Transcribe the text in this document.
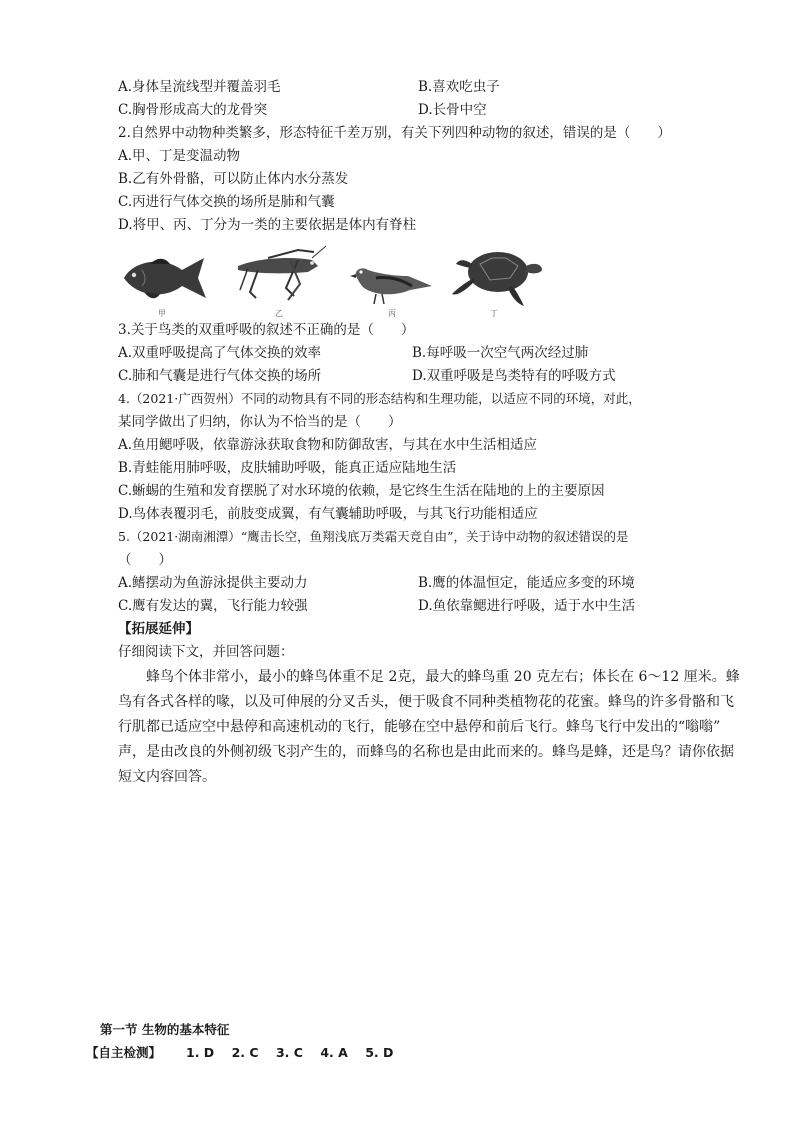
A.身体呈流线型并覆盖羽毛	B.喜欢吃虫子
C.胸骨形成高大的龙骨突	D.长骨中空
2.自然界中动物种类繁多，形态特征千差万别，有关下列四种动物的叙述，错误的是（　　）
A.甲、丁是变温动物
B.乙有外骨骼，可以防止体内水分蒸发
C.丙进行气体交换的场所是肺和气囊
D.将甲、丙、丁分为一类的主要依据是体内有脊柱
甲	乙	丙	丁
3.关于鸟类的双重呼吸的叙述不正确的是（　　）
A.双重呼吸提高了气体交换的效率	B.每呼吸一次空气两次经过肺
C.肺和气囊是进行气体交换的场所	D.双重呼吸是鸟类特有的呼吸方式
4.（2021·广西贺州）不同的动物具有不同的形态结构和生理功能，以适应不同的环境，对此，
某同学做出了归纳，你认为不恰当的是（　　）
A.鱼用鳃呼吸，依靠游泳获取食物和防御敌害，与其在水中生活相适应
B.青蛙能用肺呼吸，皮肤辅助呼吸，能真正适应陆地生活
C.蜥蜴的生殖和发育摆脱了对水环境的依赖，是它终生生活在陆地的上的主要原因
D.鸟体表覆羽毛，前肢变成翼，有气囊辅助呼吸，与其飞行功能相适应
5.（2021·湖南湘潭）“鹰击长空，鱼翔浅底万类霜天竞自由”，关于诗中动物的叙述错误的是
（　　）
A.鳍摆动为鱼游泳提供主要动力	B.鹰的体温恒定，能适应多变的环境
C.鹰有发达的翼，飞行能力较强	D.鱼依靠鳃进行呼吸，适于水中生活
【拓展延伸】
仔细阅读下文，并回答问题：
蜂鸟个体非常小，最小的蜂鸟体重不足 2克，最大的蜂鸟重 20 克左右；体长在 6～12 厘米。蜂
鸟有各式各样的喙，以及可伸展的分叉舌头，便于吸食不同种类植物花的花蜜。蜂鸟的许多骨骼和飞
行肌都已适应空中悬停和高速机动的飞行，能够在空中悬停和前后飞行。蜂鸟飞行中发出的“嗡嗡”
声，是由改良的外侧初级飞羽产生的，而蜂鸟的名称也是由此而来的。蜂鸟是蜂，还是鸟？请你依据
短文内容回答。
第一节 生物的基本特征
【自主检测】 1. D    2. C    3. C    4. A    5. D
